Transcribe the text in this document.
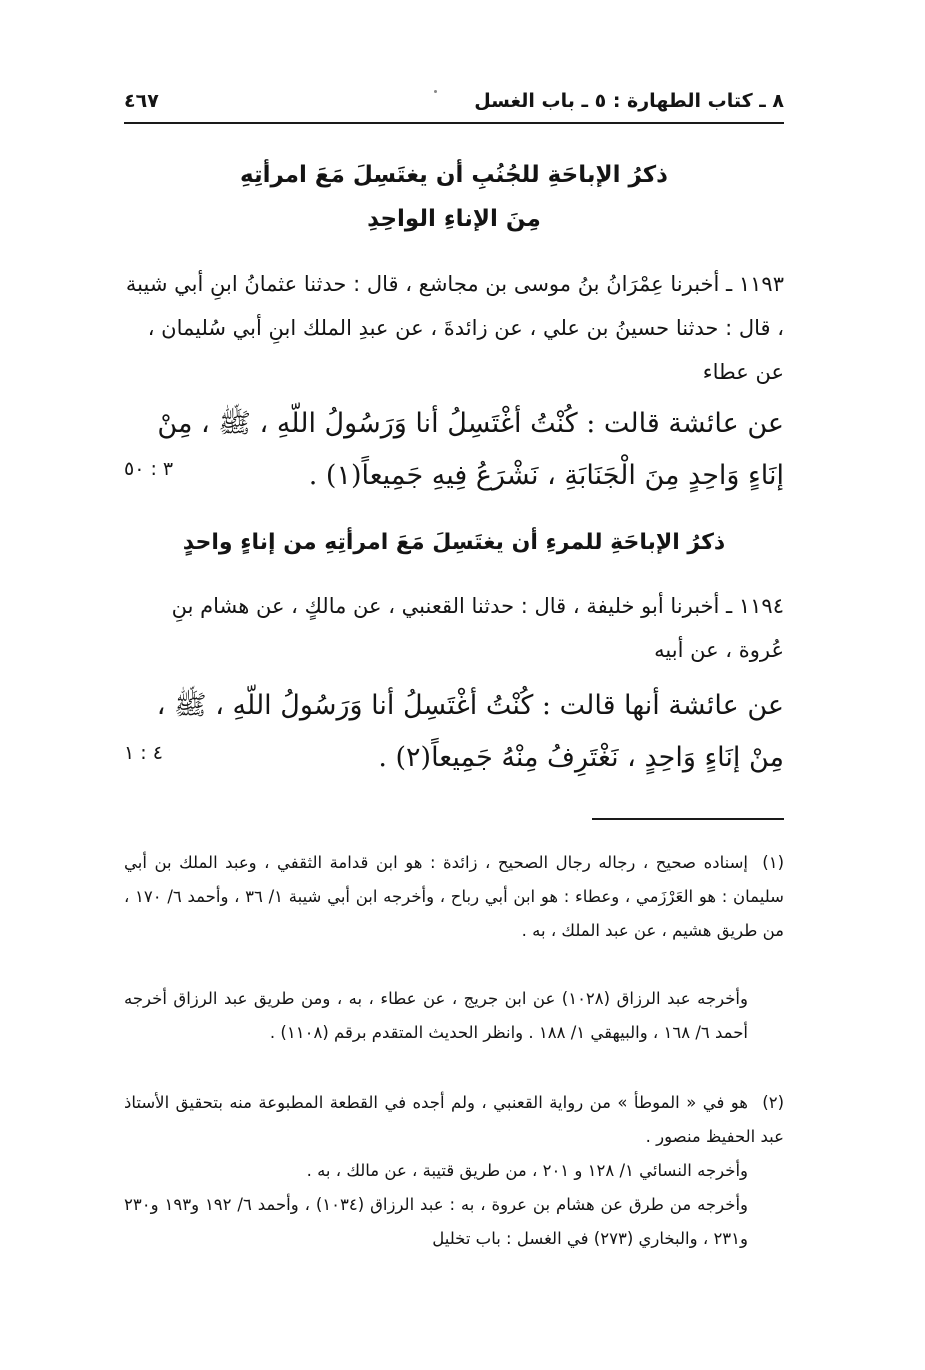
٤٦٧	٨ ـ كتاب الطهارة : ٥ ـ باب الغسل
ذكرُ الإباحَةِ للجُنُبِ أن يغتَسِلَ مَعَ امرأتِهِ
مِنَ الإناءِ الواحِدِ
١١٩٣ ـ أخبرنا عِمْرَانُ بنُ موسى بن مجاشع ، قال : حدثنا عثمانُ ابنِ أبي شيبة ، قال : حدثنا حسينُ بن علي ، عن زائدةَ ، عن عبدِ الملك ابنِ أبي سُليمان ، عن عطاء
عن عائشة قالت : كُنْتُ أغْتَسِلُ أنا وَرَسُولُ اللّهِ ، ﷺ ، مِنْ إنَاءٍ وَاحِدٍ مِنَ الْجَنَابَةِ ، نَشْرَعُ فِيهِ جَمِيعاً(١) .
٣ : ٥٠
ذكرُ الإباحَةِ للمرءِ أن يغتَسِلَ مَعَ امرأتِهِ من إناءٍ واحدٍ
١١٩٤ ـ أخبرنا أبو خليفة ، قال : حدثنا القعنبي ، عن مالكٍ ، عن هشام بنِ عُروة ، عن أبيه
عن عائشة أنها قالت : كُنْتُ أغْتَسِلُ أنا وَرَسُولُ اللّهِ ، ﷺ ، مِنْ إنَاءٍ وَاحِدٍ ، نَغْتَرِفُ مِنْهُ جَمِيعاً(٢) .
٤ : ١
(١)إسناده صحيح ، رجاله رجال الصحيح ، زائدة : هو ابن قدامة الثقفي ، وعبد الملك بن أبي سليمان : هو العَرْزَمي ، وعطاء : هو ابن أبي رباح ، وأخرجه ابن أبي شيبة ١/ ٣٦ ، وأحمد ٦/ ١٧٠ ، من طريق هشيم ، عن عبد الملك ، به .
وأخرجه عبد الرزاق (١٠٢٨) عن ابن جريج ، عن عطاء ، به ، ومن طريق عبد الرزاق أخرجه أحمد ٦/ ١٦٨ ، والبيهقي ١/ ١٨٨ . وانظر الحديث المتقدم برقم (١١٠٨) .
(٢)هو في « الموطأ » من رواية القعنبي ، ولم أجده في القطعة المطبوعة منه بتحقيق الأستاذ عبد الحفيظ منصور .
وأخرجه النسائي ١/ ١٢٨ و ٢٠١ ، من طريق قتيبة ، عن مالك ، به .
وأخرجه من طرق عن هشام بن عروة ، به : عبد الرزاق (١٠٣٤) ، وأحمد ٦/ ١٩٢ و١٩٣ و٢٣٠ و٢٣١ ، والبخاري (٢٧٣) في الغسل : باب تخليل
